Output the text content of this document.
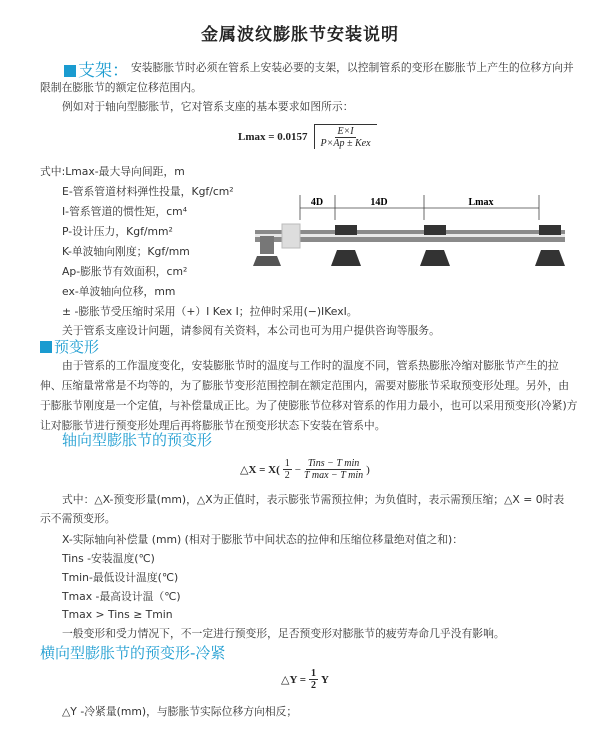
金属波纹膨胀节安装说明
支架： 安装膨胀节时必须在管系上安装必要的支架，以控制管系的变形在膨胀节上产生的位移方向并
限制在膨胀节的额定位移范围内。
例如对于轴向型膨胀节，它对管系支座的基本要求如图所示：
$Lmax = 0.0157 \frac{E\times I}{\text{P×Ap ± Kex}}$
式中:Lmax-最大导向间距，m
E-管系管道材料弹性投量，Kgf/cm²
I-管系管道的惯性矩，cm⁴
P-设计压力，Kgf/mm²
K-单波轴向刚度；Kgf/mm
Ap-膨胀节有效面积，cm²
ex-单波轴向位移，mm
± -膨胀节受压缩时采用（+）I Kex I；拉伸时采用(−)IKexI。
关于管系支座设计问题，请参阅有关资料，本公司也可为用户提供咨询等服务。
4D	14D	Lmax
预变形
由于管系的工作温度变化，安装膨胀节时的温度与工作时的温度不同，管系热膨胀冷缩对膨胀节产生的拉
伸、压缩量常常是不均等的，为了膨胀节变形范围控制在额定范围内，需要对膨胀节采取预变形处理。另外，由
于膨胀节刚度是一个定值，与补偿量成正比。为了使膨胀节位移对管系的作用力最小，也可以采用预变形(冷紧)方
让对膨胀节进行预变形处理后再将膨胀节在预变形状态下安装在管系中。
轴向型膨胀节的预变形
△X = $X( \frac{1}{2} - \frac{\text{Tins − T min}}{\text{T max − T min}}$ )
式中：△X-预变形量(mm)，△X为正值时，表示膨张节需预拉伸；为负值时，表示需预压缩；△X = 0时表
示不需预变形。
X-实际轴向补偿量 (mm) (相对于膨胀节中间状态的拉伸和压缩位移量绝对值之和)：
Tins -安装温度(℃)
Tmin-最低设计温度(℃)
Tmax -最高设计温（℃)
Tmax > Tins ≥ Tmin
一般变形和受力情况下，不一定进行预变形，足否预变形对膨胀节的疲劳寿命几乎没有影响。
横向型膨胀节的预变形-冷紧
△Y = $\frac{1}{2}$ Y
△Y -冷紧量(mm)，与膨胀节实际位移方向相反；
